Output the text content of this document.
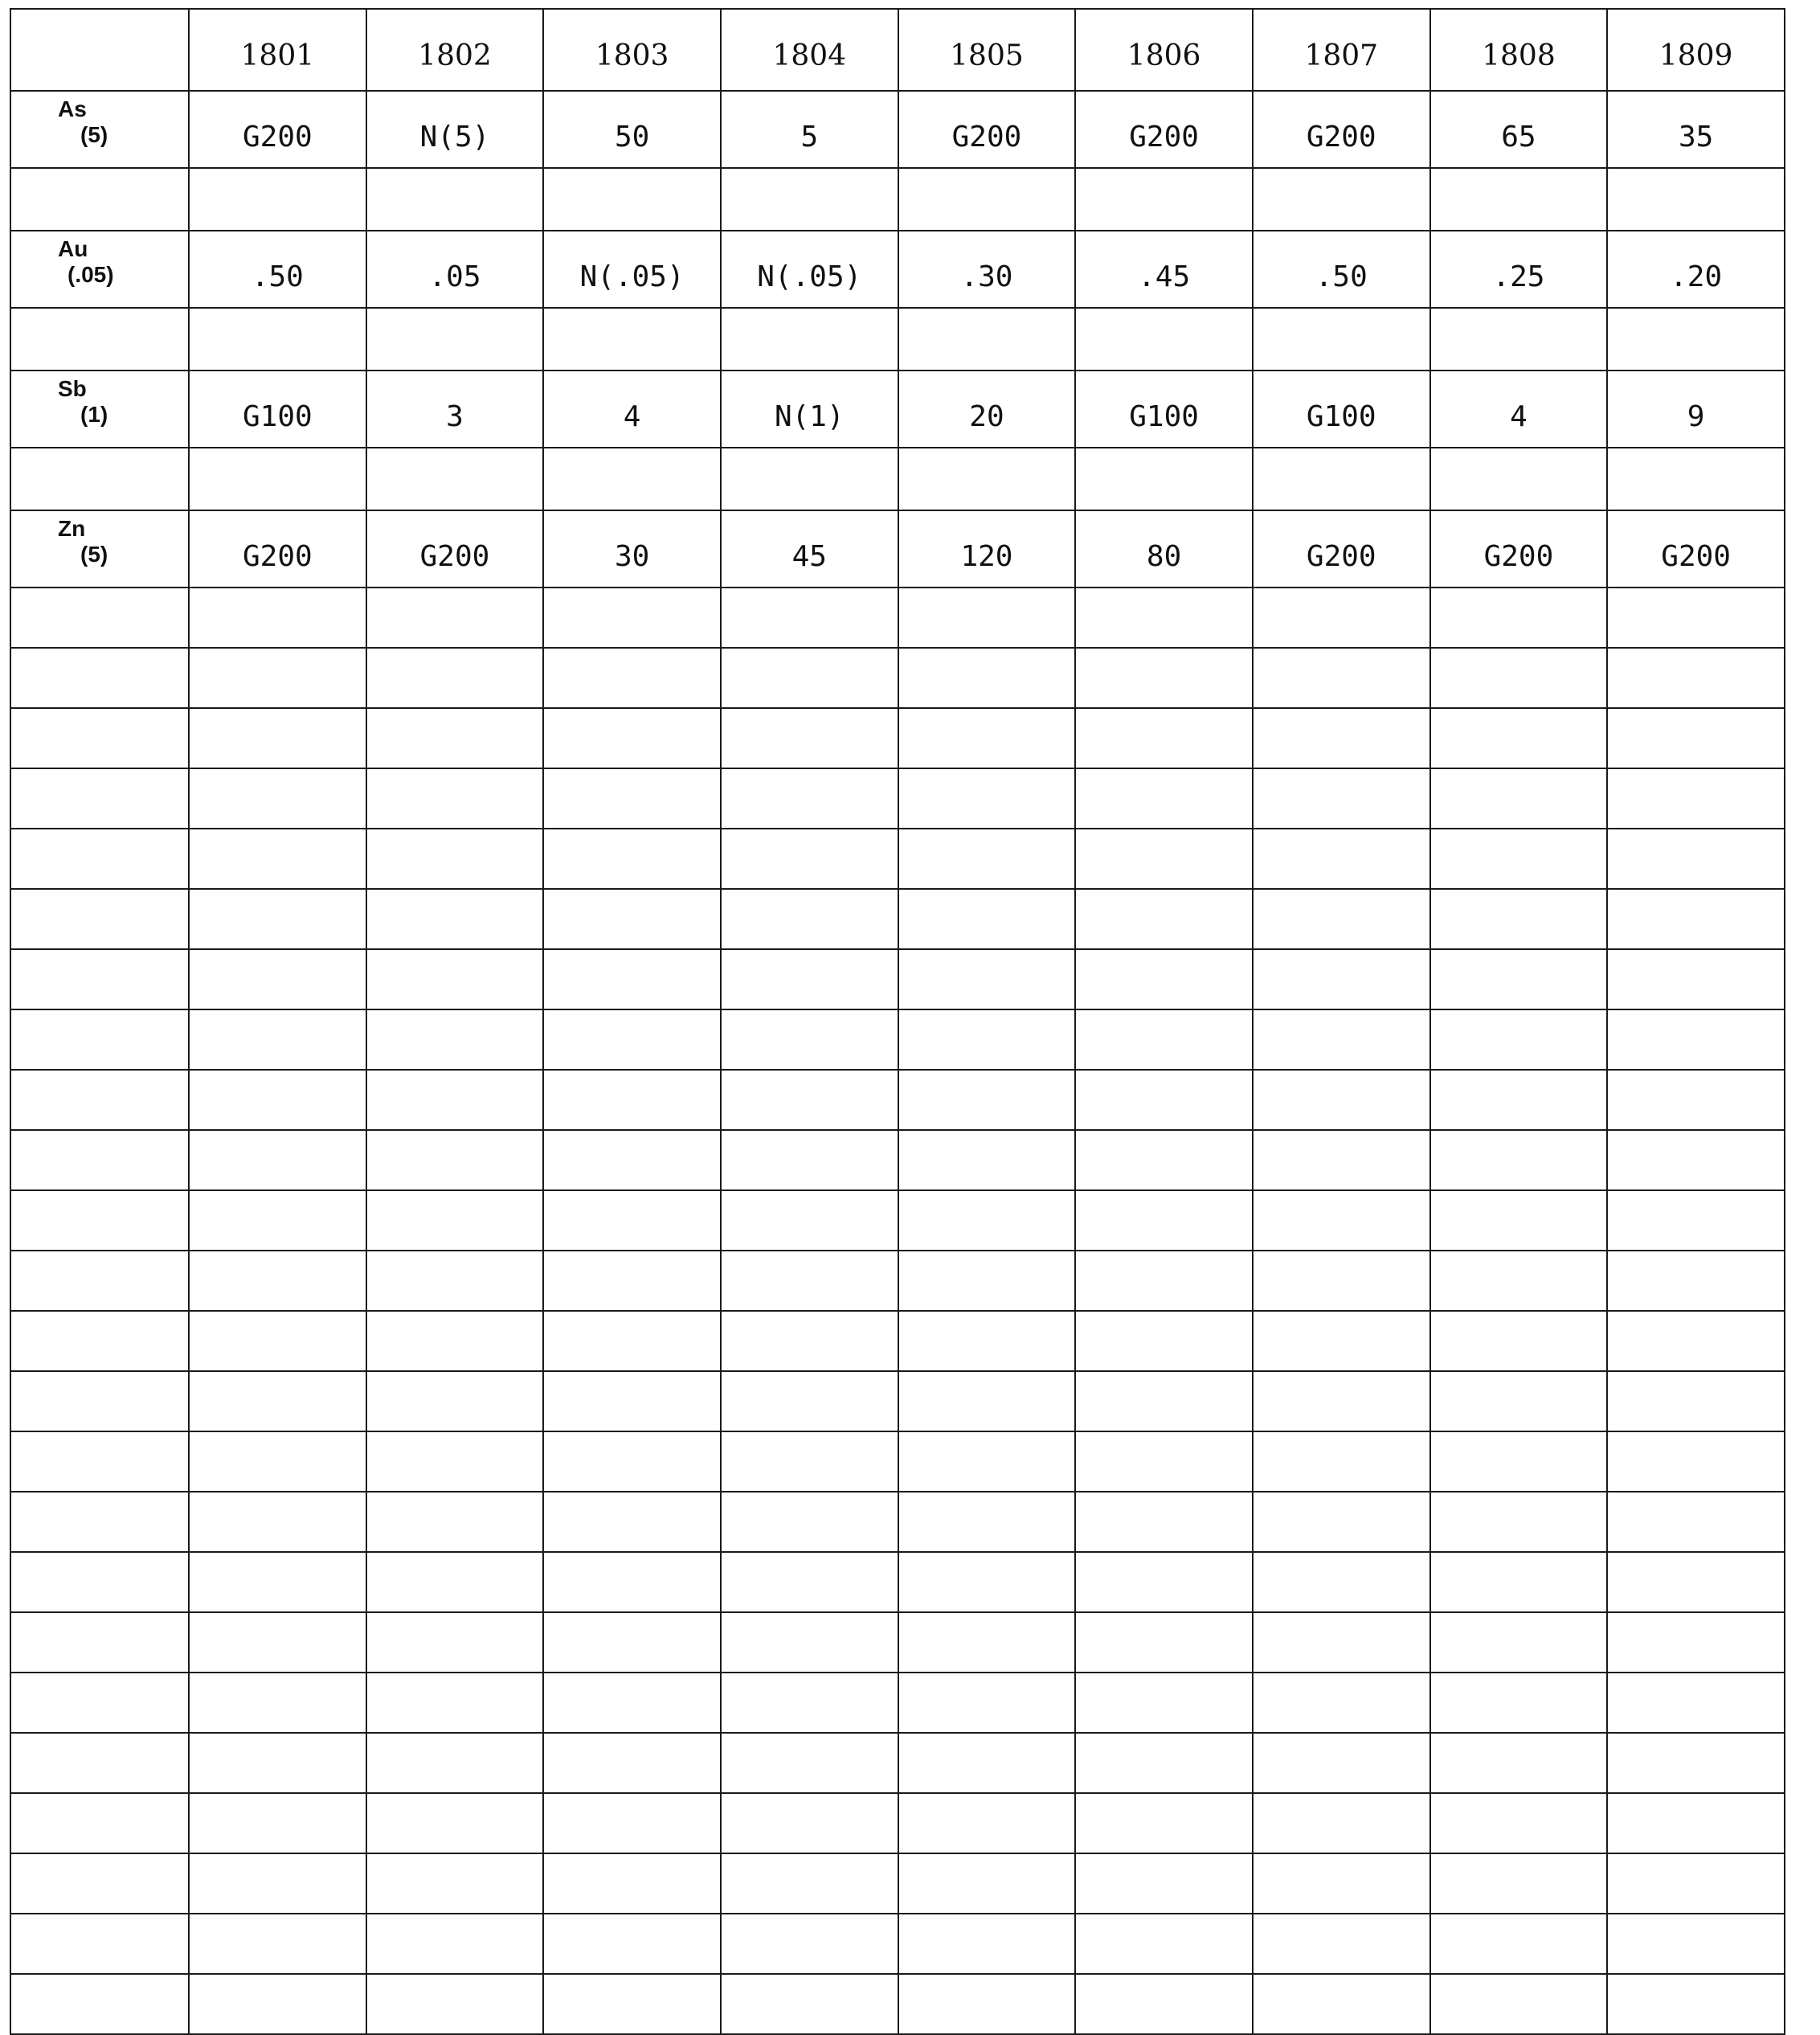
	1801	1802	1803	1804	1805	1806	1807	1808	1809

As
(5)	G200	N(5)	50	5	G200	G200	G200	65	35

Au
(.05)	.50	.05	N(.05)	N(.05)	.30	.45	.50	.25	.20

Sb
(1)	G100	3	4	N(1)	20	G100	G100	4	9

Zn
(5)	G200	G200	30	45	120	80	G200	G200	G200
